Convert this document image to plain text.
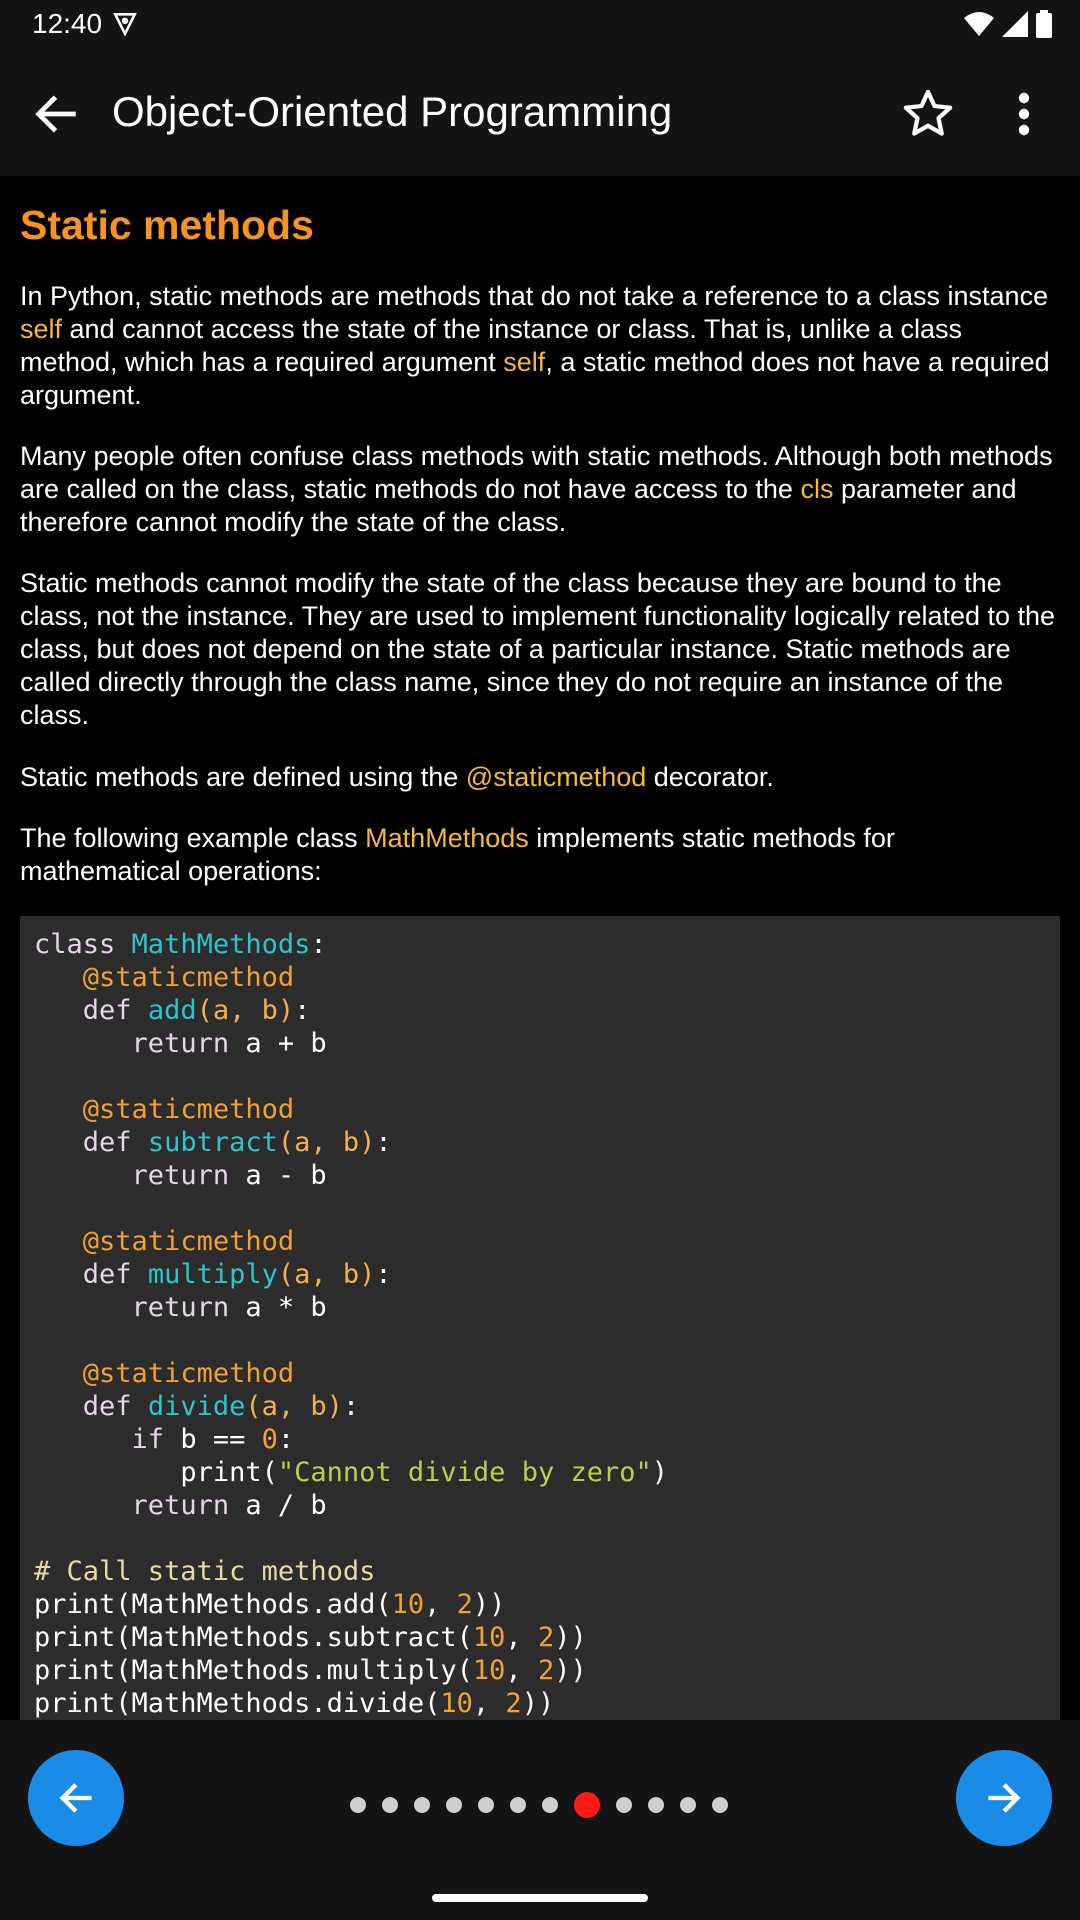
12:40
Object-Oriented Programming
Static methods

In Python, static methods are methods that do not take a reference to a class instance self and cannot access the state of the instance or class. That is, unlike a class method, which has a required argument self, a static method does not have a required argument.

Many people often confuse class methods with static methods. Although both methods are called on the class, static methods do not have access to the cls parameter and therefore cannot modify the state of the class.

Static methods cannot modify the state of the class because they are bound to the class, not the instance. They are used to implement functionality logically related to the class, but does not depend on the state of a particular instance. Static methods are called directly through the class name, since they do not require an instance of the class.

Static methods are defined using the @staticmethod decorator.

The following example class MathMethods implements static methods for mathematical operations:

class MathMethods:
@staticmethod
def add(a, b):
return a + b

@staticmethod
def subtract(a, b):
return a - b

@staticmethod
def multiply(a, b):
return a * b

@staticmethod
def divide(a, b):
if b == 0:
print("Cannot divide by zero")
return a / b

# Call static methods
print(MathMethods.add(10, 2))
print(MathMethods.subtract(10, 2))
print(MathMethods.multiply(10, 2))
print(MathMethods.divide(10, 2))
